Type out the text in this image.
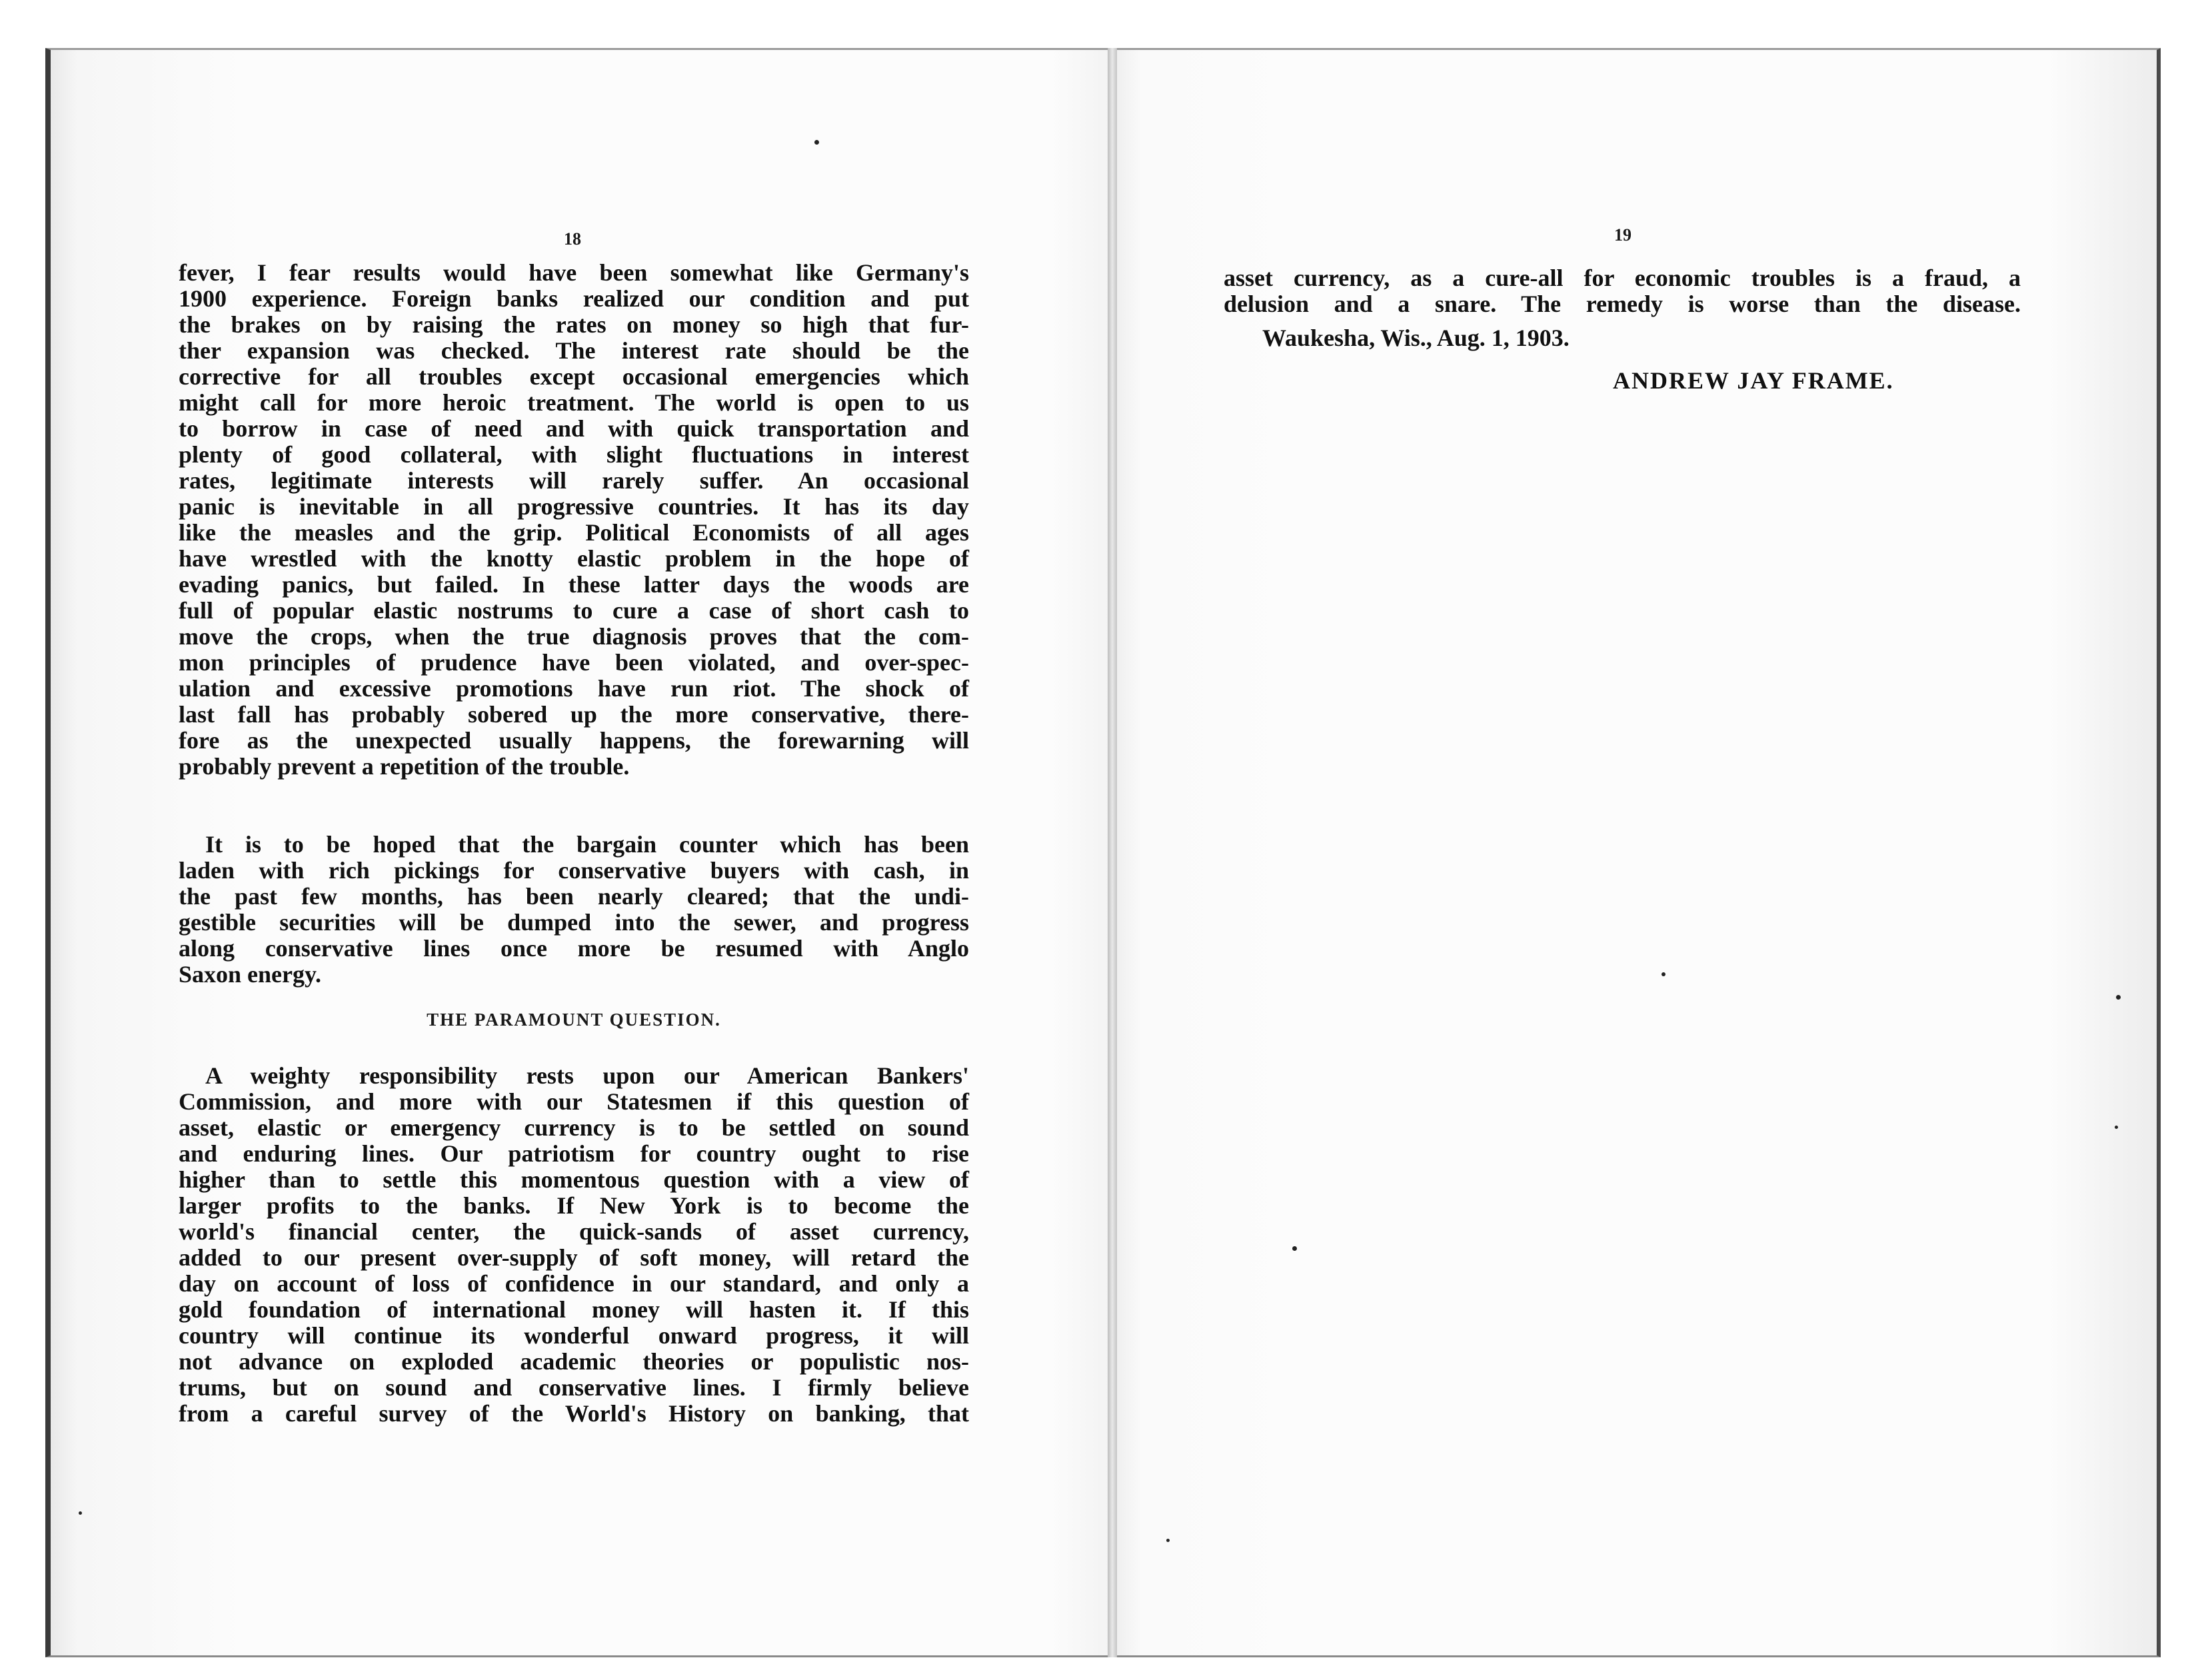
18

fever, I fear results would have been somewhat like Germany's
1900 experience. Foreign banks realized our condition and put
the brakes on by raising the rates on money so high that fur-
ther expansion was checked. The interest rate should be the
corrective for all troubles except occasional emergencies which
might call for more heroic treatment. The world is open to us
to borrow in case of need and with quick transportation and
plenty of good collateral, with slight fluctuations in interest
rates, legitimate interests will rarely suffer. An occasional
panic is inevitable in all progressive countries. It has its day
like the measles and the grip. Political Economists of all ages
have wrestled with the knotty elastic problem in the hope of
evading panics, but failed. In these latter days the woods are
full of popular elastic nostrums to cure a case of short cash to
move the crops, when the true diagnosis proves that the com-
mon principles of prudence have been violated, and over-spec-
ulation and excessive promotions have run riot. The shock of
last fall has probably sobered up the more conservative, there-
fore as the unexpected usually happens, the forewarning will
probably prevent a repetition of the trouble.
It is to be hoped that the bargain counter which has been
laden with rich pickings for conservative buyers with cash, in
the past few months, has been nearly cleared; that the undi-
gestible securities will be dumped into the sewer, and progress
along conservative lines once more be resumed with Anglo
Saxon energy.

THE PARAMOUNT QUESTION.

A weighty responsibility rests upon our American Bankers'
Commission, and more with our Statesmen if this question of
asset, elastic or emergency currency is to be settled on sound
and enduring lines. Our patriotism for country ought to rise
higher than to settle this momentous question with a view of
larger profits to the banks. If New York is to become the
world's financial center, the quick-sands of asset currency,
added to our present over-supply of soft money, will retard the
day on account of loss of confidence in our standard, and only a
gold foundation of international money will hasten it. If this
country will continue its wonderful onward progress, it will
not advance on exploded academic theories or populistic nos-
trums, but on sound and conservative lines. I firmly believe
from a careful survey of the World's History on banking, that

19

asset currency, as a cure-all for economic troubles is a fraud, a
delusion and a snare. The remedy is worse than the disease.

Waukesha, Wis., Aug. 1, 1903.

ANDREW JAY FRAME.
